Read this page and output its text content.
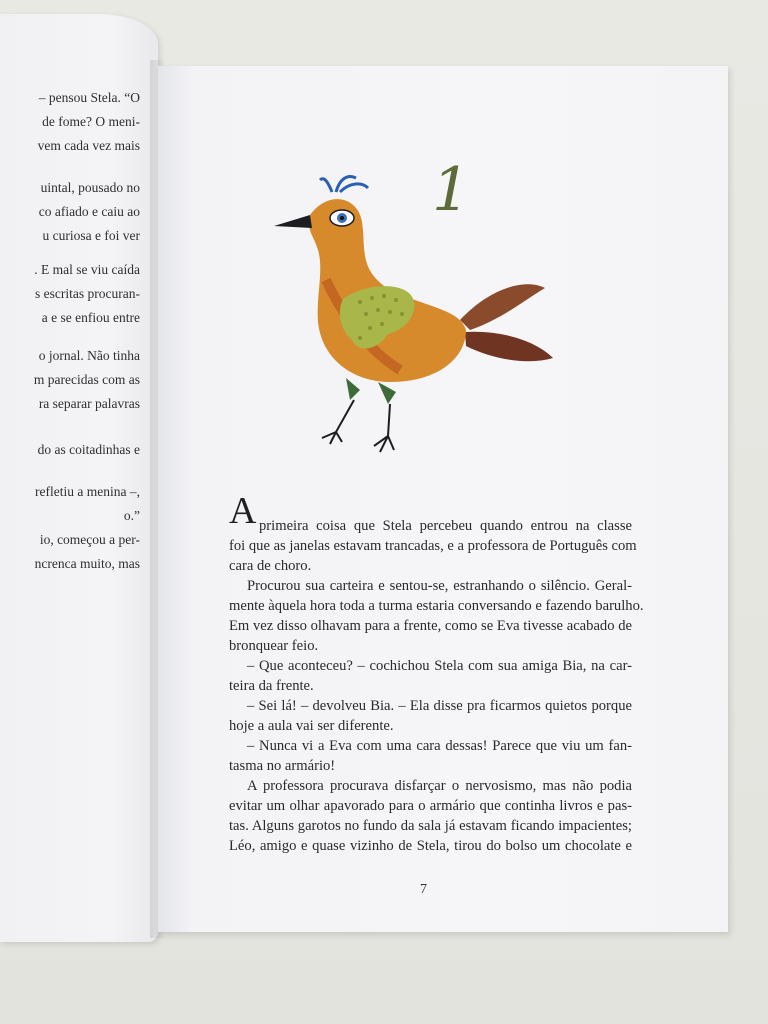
– pensou Stela. “O
de fome? O meni-
vem cada vez mais
uintal, pousado no
co afiado e caiu ao
u curiosa e foi ver
. E mal se viu caída
s escritas procuran-
a e se enfiou entre
o jornal. Não tinha
m parecidas com as
ra separar palavras
do as coitadinhas e
refletiu a menina –,
o.”
io, começou a per-
ncrenca muito, mas
1
A primeira coisa que Stela percebeu quando entrou na classe
foi que as janelas estavam trancadas, e a professora de Português com
cara de choro.
Procurou sua carteira e sentou-se, estranhando o silêncio. Geral-
mente àquela hora toda a turma estaria conversando e fazendo barulho.
Em vez disso olhavam para a frente, como se Eva tivesse acabado de
bronquear feio.
– Que aconteceu? – cochichou Stela com sua amiga Bia, na car-
teira da frente.
– Sei lá! – devolveu Bia. – Ela disse pra ficarmos quietos porque
hoje a aula vai ser diferente.
– Nunca vi a Eva com uma cara dessas! Parece que viu um fan-
tasma no armário!
A professora procurava disfarçar o nervosismo, mas não podia
evitar um olhar apavorado para o armário que continha livros e pas-
tas. Alguns garotos no fundo da sala já estavam ficando impacientes;
Léo, amigo e quase vizinho de Stela, tirou do bolso um chocolate e
7
